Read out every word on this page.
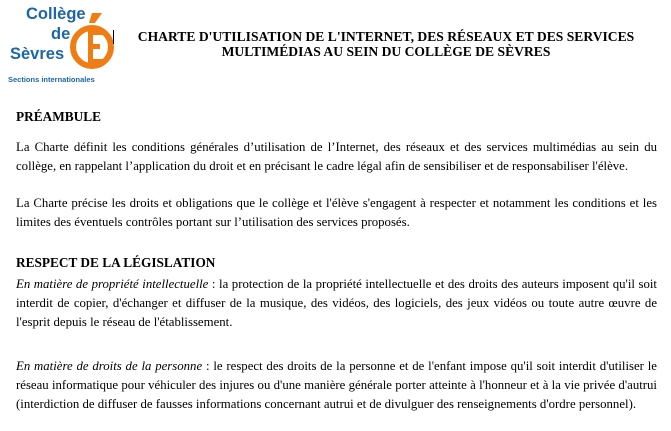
Collège
de
Sèvres
Sections internationales
CHARTE D'UTILISATION DE L'INTERNET, DES RÉSEAUX ET DES SERVICES
MULTIMÉDIAS AU SEIN DU COLLÈGE DE SÈVRES
PRÉAMBULE

La Charte définit les conditions générales d’utilisation de l’Internet, des réseaux et des services multimédias au sein du collège, en rappelant l’application du droit et en précisant le cadre légal afin de sensibiliser et de responsabiliser l'élève.

La Charte précise les droits et obligations que le collège et l'élève s'engagent à respecter et notamment les conditions et les limites des éventuels contrôles portant sur l’utilisation des services proposés.

RESPECT DE LA LÉGISLATION

En matière de propriété intellectuelle : la protection de la propriété intellectuelle et des droits des auteurs imposent qu'il soit interdit de copier, d'échanger et diffuser de la musique, des vidéos, des logiciels, des jeux vidéos ou toute autre œuvre de l'esprit depuis le réseau de l'établissement.

En matière de droits de la personne : le respect des droits de la personne et de l'enfant impose qu'il soit interdit d'utiliser le réseau informatique pour véhiculer des injures ou d'une manière générale porter atteinte à l'honneur et à la vie privée d'autrui (interdiction de diffuser de fausses informations concernant autrui et de divulguer des renseignements d'ordre personnel).
